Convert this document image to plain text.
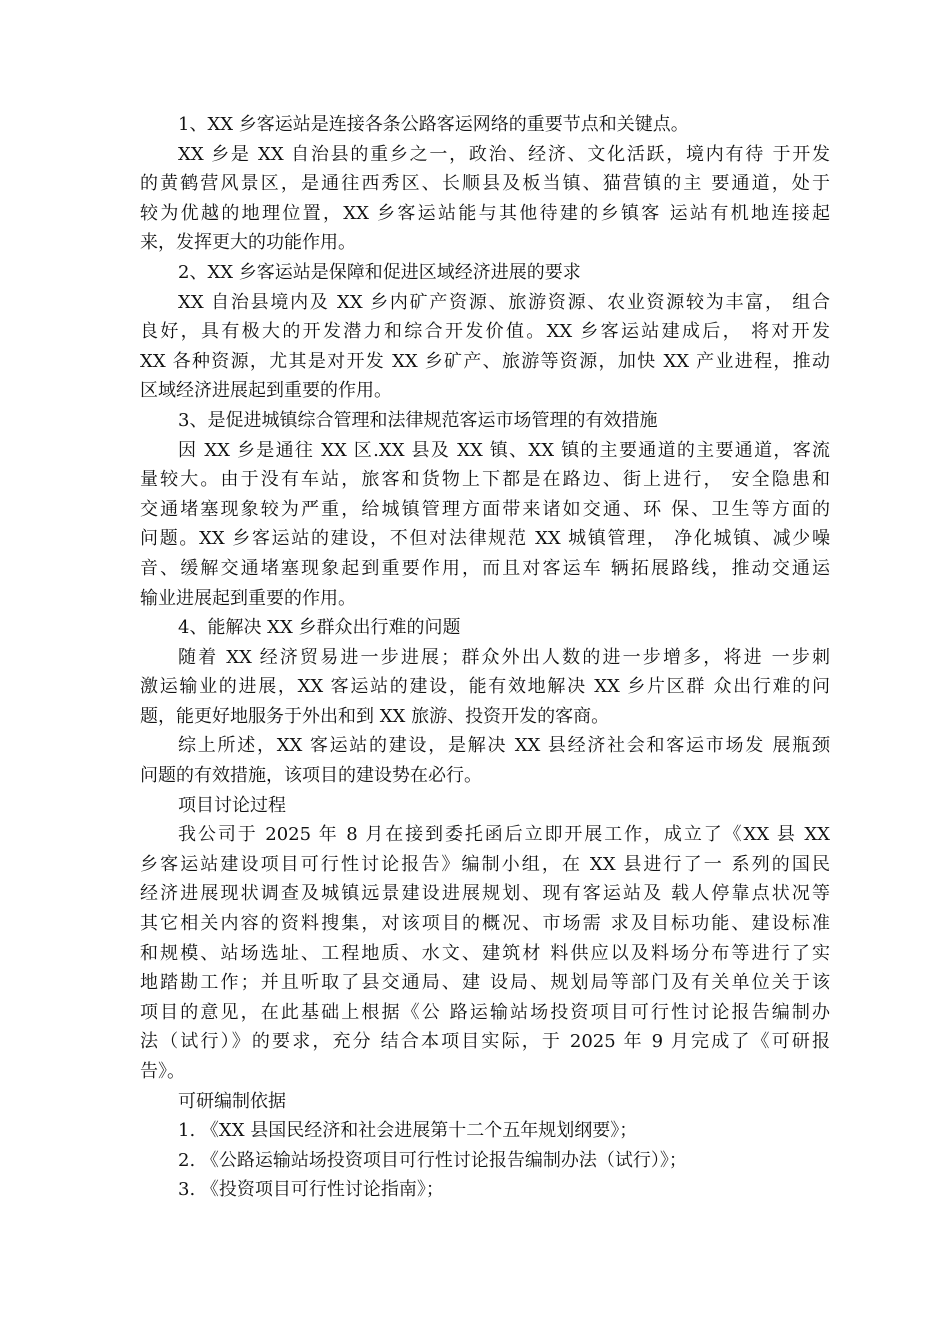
1、XX 乡客运站是连接各条公路客运网络的重要节点和关键点。
XX 乡是 XX 自治县的重乡之一，政治、经济、文化活跃，境内有待 于开发
的黄鹤营风景区，是通往西秀区、长顺县及板当镇、猫营镇的主 要通道，处于
较为优越的地理位置，XX 乡客运站能与其他待建的乡镇客 运站有机地连接起
来，发挥更大的功能作用。
2、XX 乡客运站是保障和促进区域经济进展的要求
XX 自治县境内及 XX 乡内矿产资源、旅游资源、农业资源较为丰富， 组合
良好，具有极大的开发潜力和综合开发价值。XX 乡客运站建成后， 将对开发
XX 各种资源，尤其是对开发 XX 乡矿产、旅游等资源，加快 XX 产业进程，推动
区域经济进展起到重要的作用。
3、是促进城镇综合管理和法律规范客运市场管理的有效措施
因 XX 乡是通往 XX 区.XX 县及 XX 镇、XX 镇的主要通道的主要通道，客流
量较大。由于没有车站，旅客和货物上下都是在路边、街上进行， 安全隐患和
交通堵塞现象较为严重，给城镇管理方面带来诸如交通、环 保、卫生等方面的
问题。XX 乡客运站的建设，不但对法律规范 XX 城镇管理， 净化城镇、减少噪
音、缓解交通堵塞现象起到重要作用，而且对客运车 辆拓展路线，推动交通运
输业进展起到重要的作用。
4、能解决 XX 乡群众出行难的问题
随着 XX 经济贸易进一步进展；群众外出人数的进一步增多，将进 一步刺
激运输业的进展，XX 客运站的建设，能有效地解决 XX 乡片区群 众出行难的问
题，能更好地服务于外出和到 XX 旅游、投资开发的客商。
综上所述，XX 客运站的建设，是解决 XX 县经济社会和客运市场发 展瓶颈
问题的有效措施，该项目的建设势在必行。
项目讨论过程
我公司于 2025 年 8 月在接到委托函后立即开展工作，成立了《XX 县 XX
乡客运站建设项目可行性讨论报告》编制小组，在 XX 县进行了一 系列的国民
经济进展现状调查及城镇远景建设进展规划、现有客运站及 载人停靠点状况等
其它相关内容的资料搜集，对该项目的概况、市场需 求及目标功能、建设标准
和规模、站场选址、工程地质、水文、建筑材 料供应以及料场分布等进行了实
地踏勘工作；并且听取了县交通局、建 设局、规划局等部门及有关单位关于该
项目的意见，在此基础上根据《公 路运输站场投资项目可行性讨论报告编制办
法（试行）》的要求，充分 结合本项目实际，于 2025 年 9 月完成了《可研报
告》。
可研编制依据
1. 《XX 县国民经济和社会进展第十二个五年规划纲要》；
2. 《公路运输站场投资项目可行性讨论报告编制办法（试行）》；
3. 《投资项目可行性讨论指南》；
